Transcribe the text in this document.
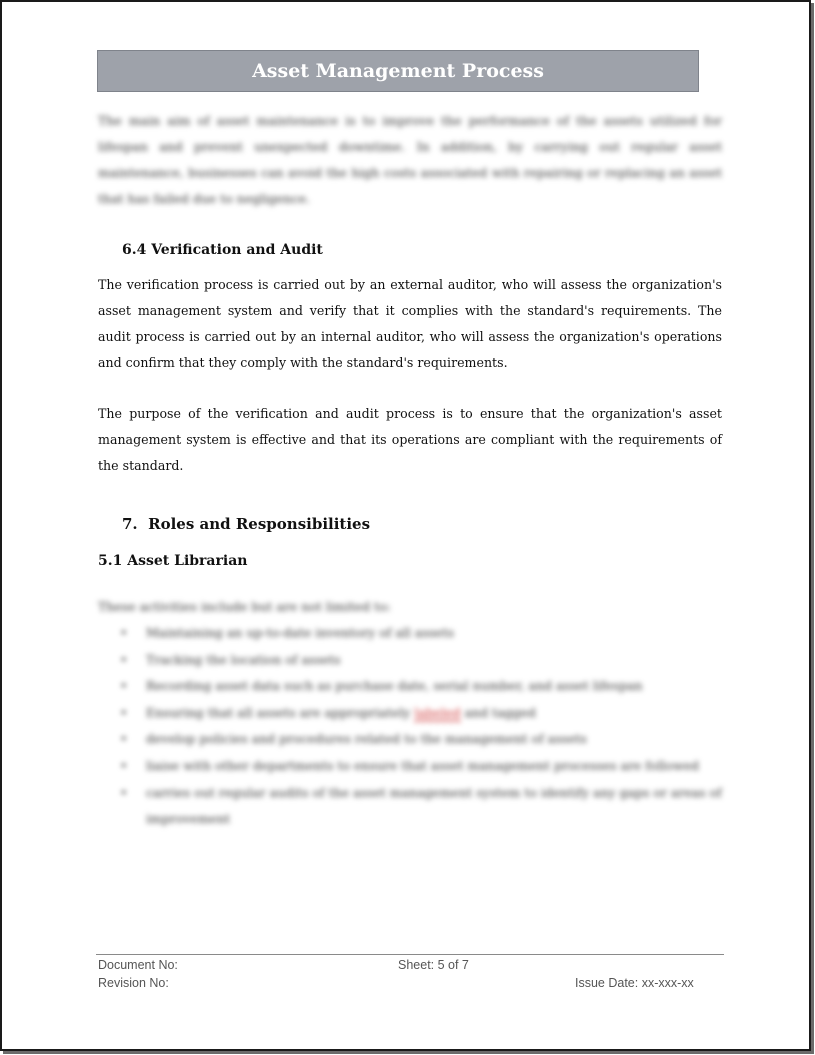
Asset Management Process
The main aim of asset maintenance is to improve the performance of the assets utilized for lifespan and prevent unexpected downtime. In addition, by carrying out regular asset maintenance, businesses can avoid the high costs associated with repairing or replacing an asset that has failed due to negligence.
6.4 Verification and Audit
The verification process is carried out by an external auditor, who will assess the organization's asset management system and verify that it complies with the standard's requirements. The audit process is carried out by an internal auditor, who will assess the organization's operations and confirm that they comply with the standard's requirements.
The purpose of the verification and audit process is to ensure that the organization's asset management system is effective and that its operations are compliant with the requirements of the standard.
7. Roles and Responsibilities
5.1 Asset Librarian
These activities include but are not limited to:
• Maintaining an up-to-date inventory of all assets
• Tracking the location of assets
• Recording asset data such as purchase date, serial number, and asset lifespan
• Ensuring that all assets are appropriately labeled and tagged
• develop policies and procedures related to the management of assets
• liaise with other departments to ensure that asset management processes are followed
• carries out regular audits of the asset management system to identify any gaps or areas of improvement
Document No:
Revision No:
Sheet: 5 of 7
Issue Date: xx-xxx-xx
